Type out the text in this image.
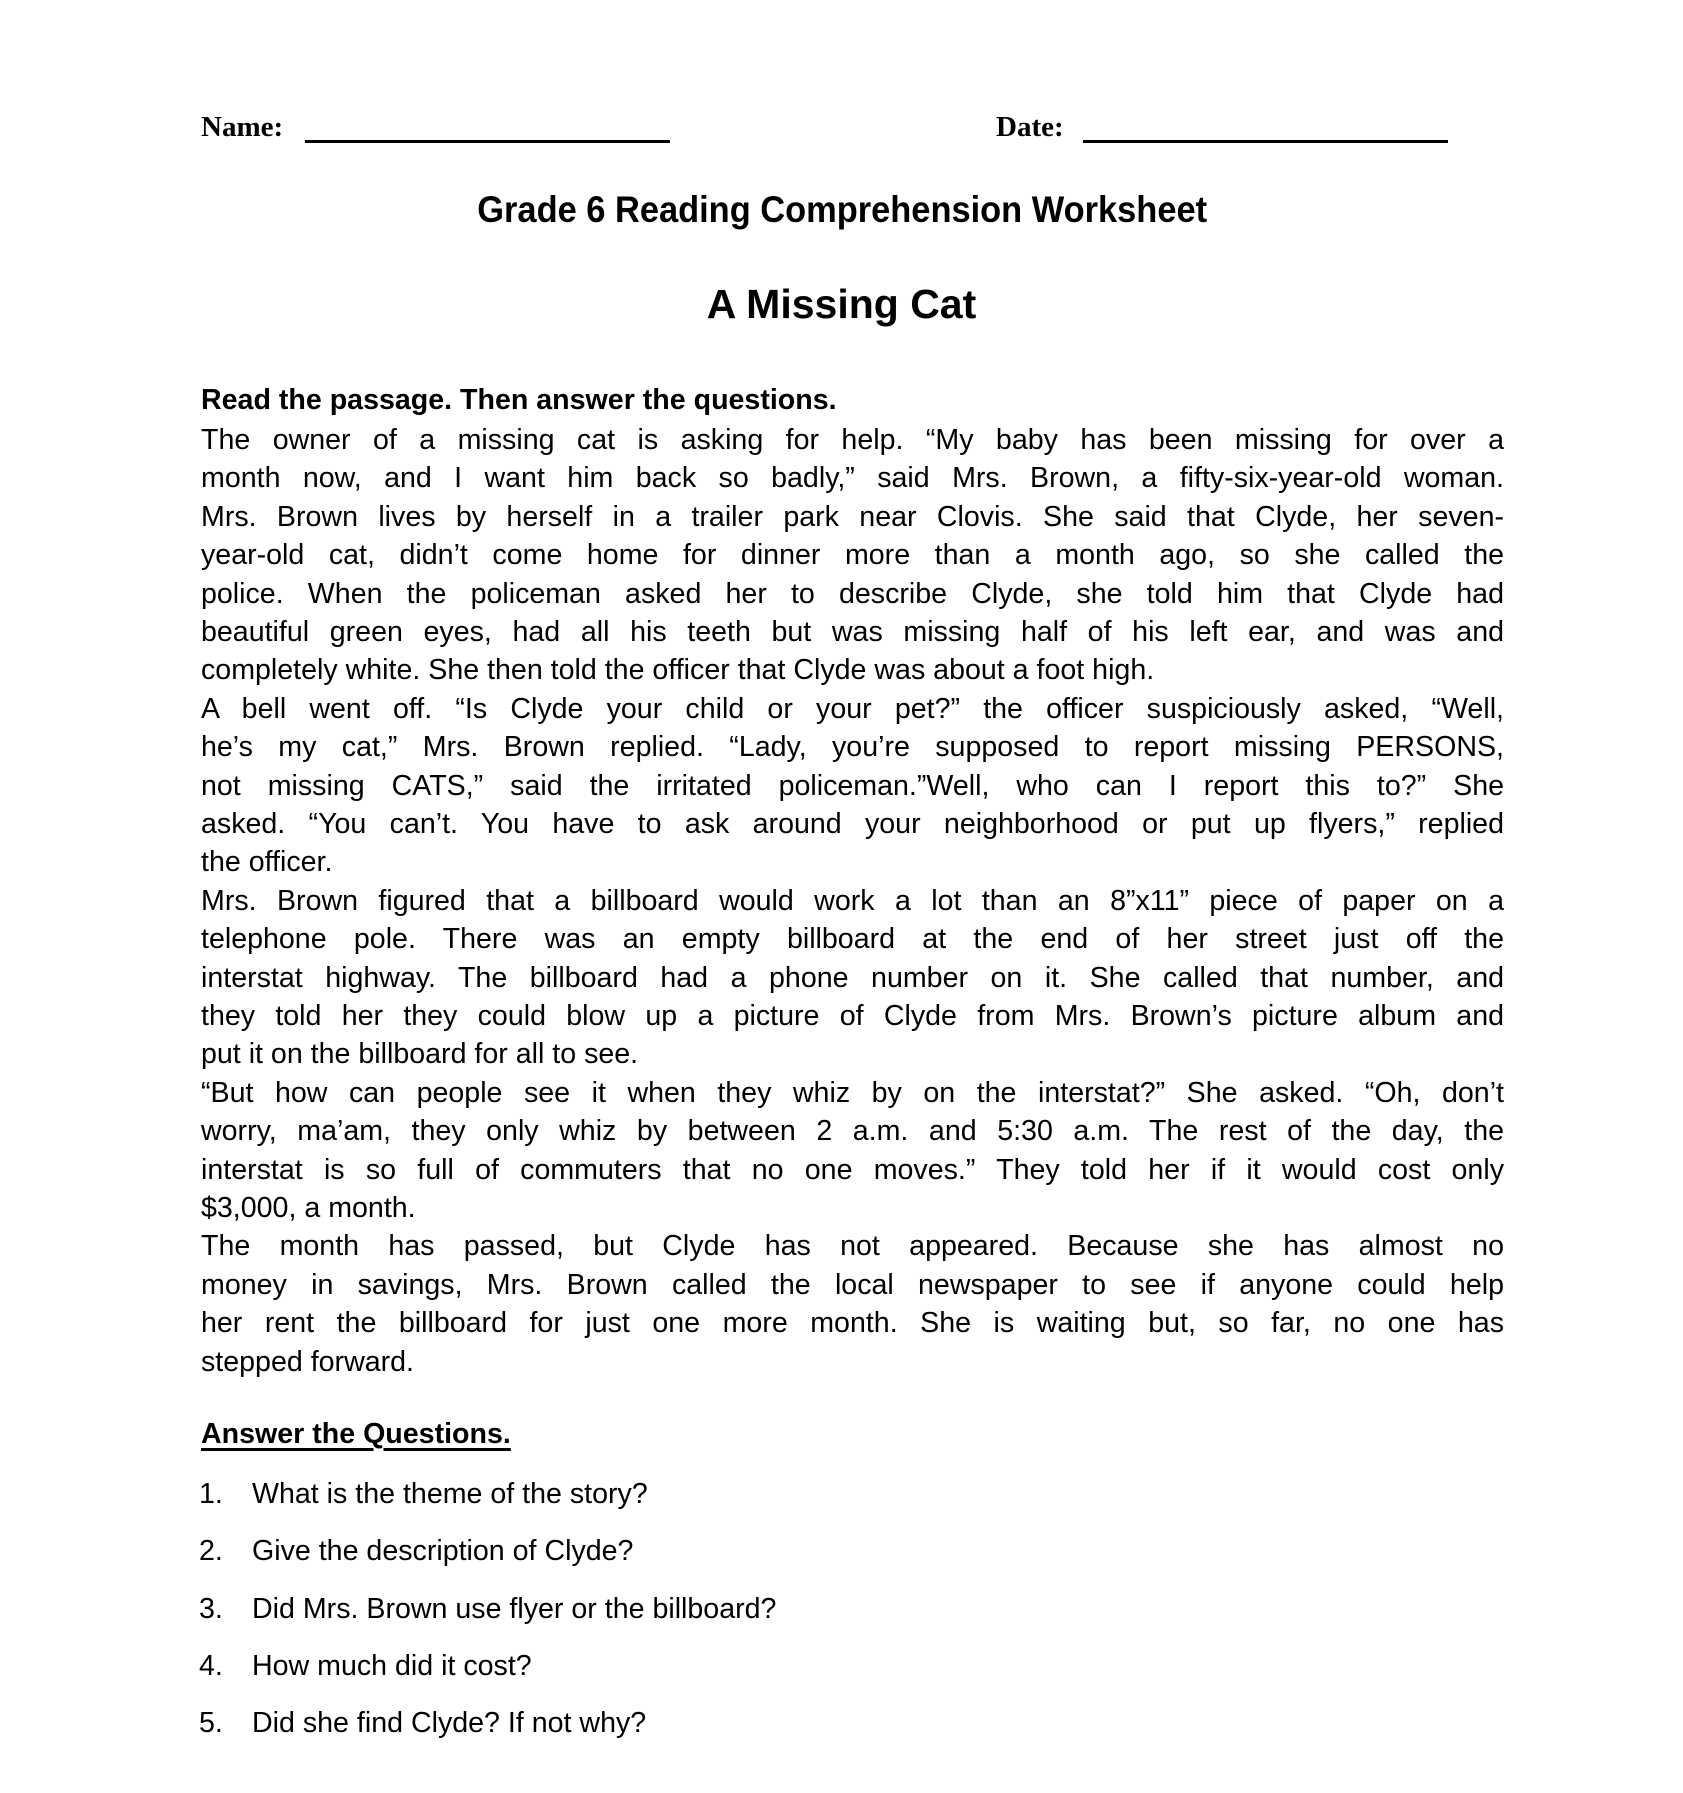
Name:	Date:
Grade 6 Reading Comprehension Worksheet
A Missing Cat
Read the passage. Then answer the questions.
The owner of a missing cat is asking for help. “My baby has been missing for over a
month now, and I want him back so badly,” said Mrs. Brown, a fifty-six-year-old woman.
Mrs. Brown lives by herself in a trailer park near Clovis. She said that Clyde, her seven-
year-old cat, didn’t come home for dinner more than a month ago, so she called the
police. When the policeman asked her to describe Clyde, she told him that Clyde had
beautiful green eyes, had all his teeth but was missing half of his left ear, and was and
completely white. She then told the officer that Clyde was about a foot high.
A bell went off. “Is Clyde your child or your pet?” the officer suspiciously asked, “Well,
he’s my cat,” Mrs. Brown replied. “Lady, you’re supposed to report missing PERSONS,
not missing CATS,” said the irritated policeman.”Well, who can I report this to?” She
asked. “You can’t. You have to ask around your neighborhood or put up flyers,” replied
the officer.
Mrs. Brown figured that a billboard would work a lot than an 8”x11” piece of paper on a
telephone pole. There was an empty billboard at the end of her street just off the
interstat highway. The billboard had a phone number on it. She called that number, and
they told her they could blow up a picture of Clyde from Mrs. Brown’s picture album and
put it on the billboard for all to see.
“But how can people see it when they whiz by on the interstat?” She asked. “Oh, don’t
worry, ma’am, they only whiz by between 2 a.m. and 5:30 a.m. The rest of the day, the
interstat is so full of commuters that no one moves.” They told her if it would cost only
$3,000, a month.
The month has passed, but Clyde has not appeared. Because she has almost no
money in savings, Mrs. Brown called the local newspaper to see if anyone could help
her rent the billboard for just one more month. She is waiting but, so far, no one has
stepped forward.
Answer the Questions.
1. What is the theme of the story?
2. Give the description of Clyde?
3. Did Mrs. Brown use flyer or the billboard?
4. How much did it cost?
5. Did she find Clyde? If not why?
